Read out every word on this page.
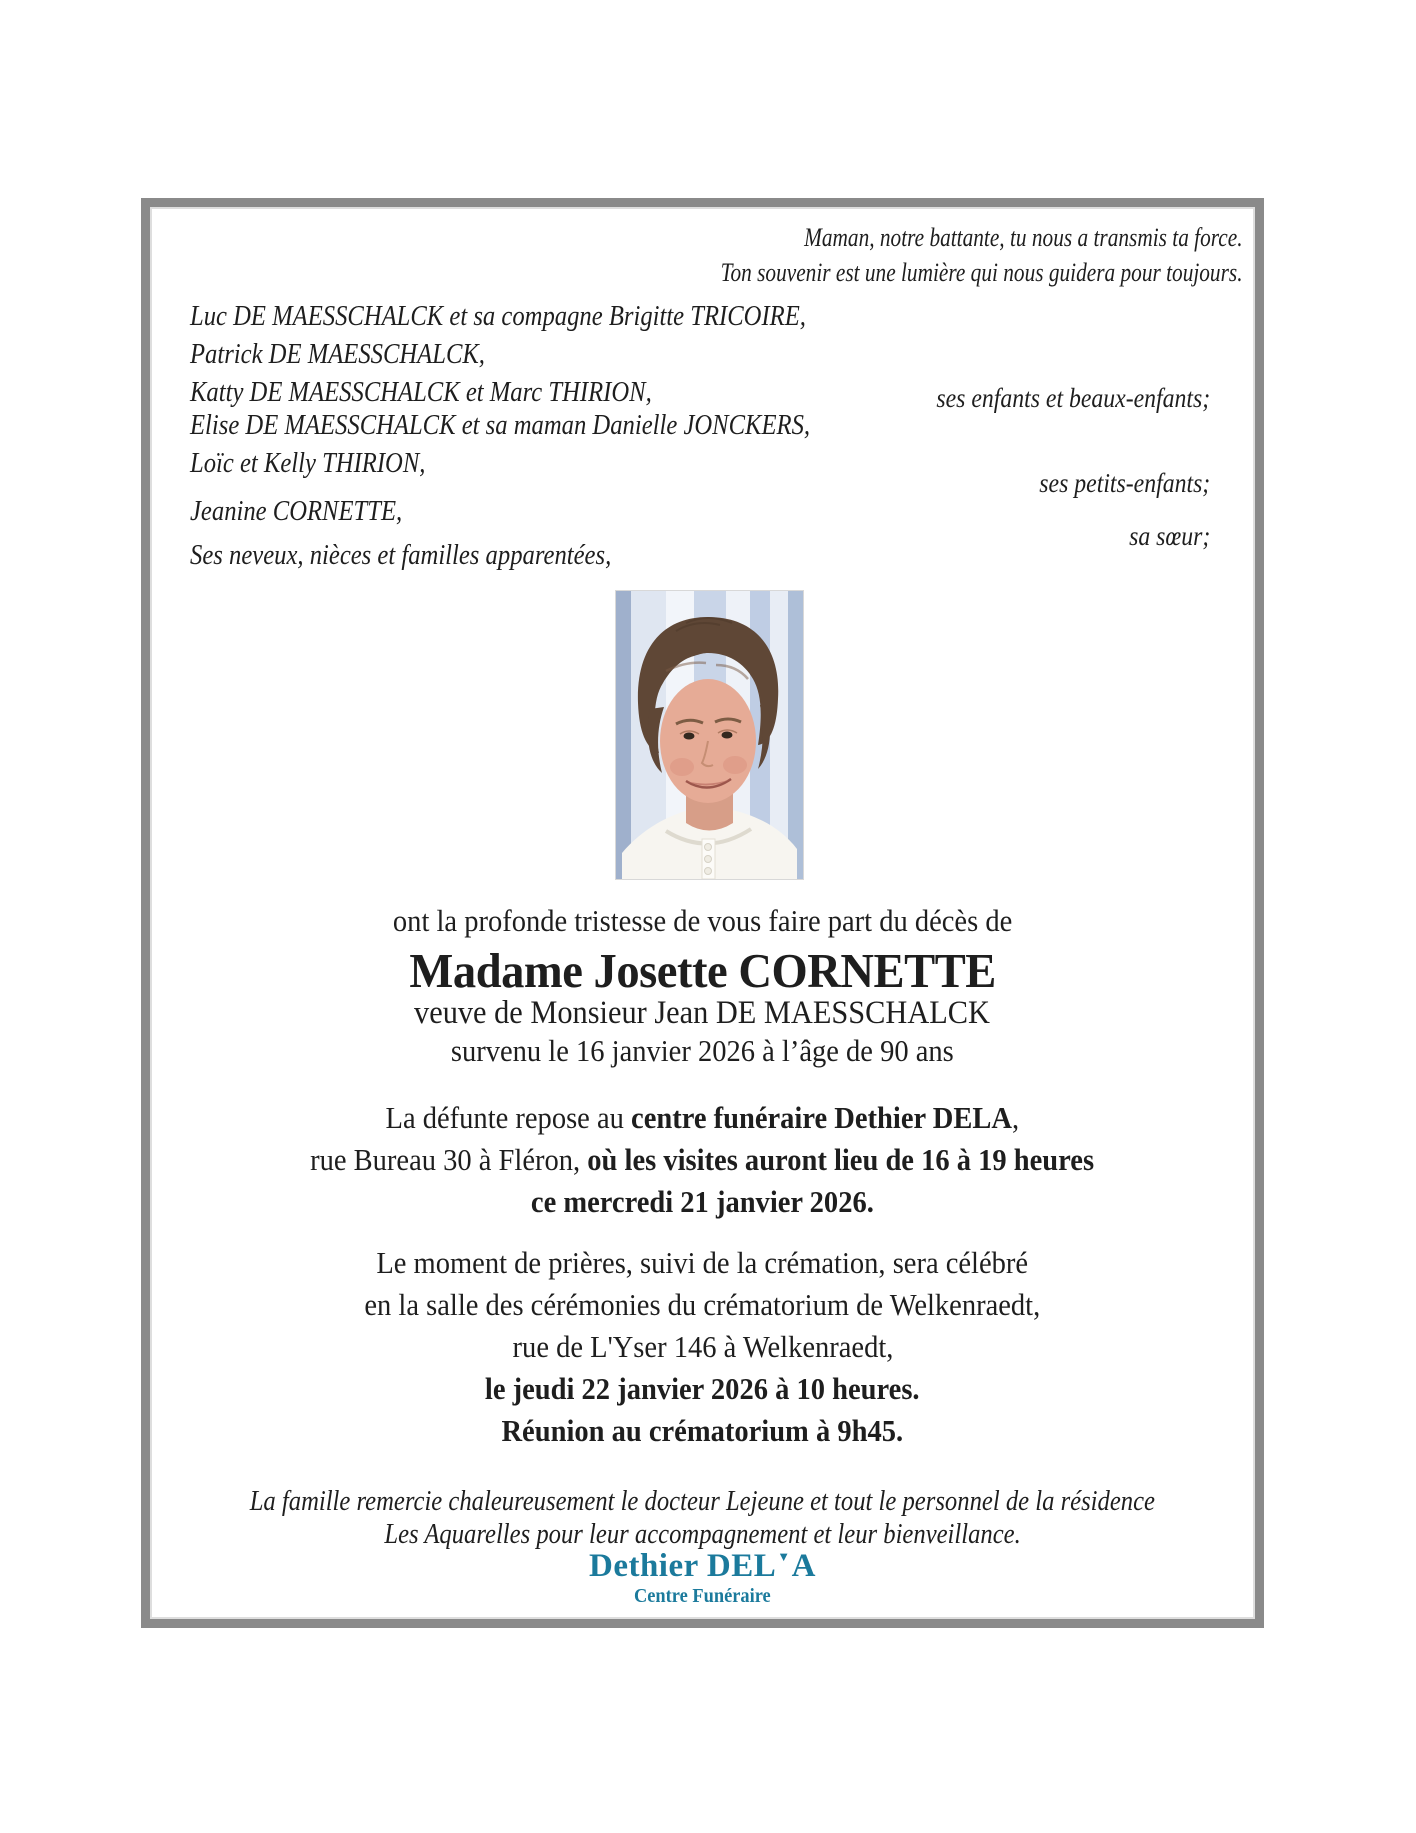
Maman, notre battante, tu nous a transmis ta force.
Ton souvenir est une lumière qui nous guidera pour toujours.
Luc DE MAESSCHALCK et sa compagne Brigitte TRICOIRE,
Patrick DE MAESSCHALCK,
Katty DE MAESSCHALCK et Marc THIRION,	ses enfants et beaux-enfants;
Elise DE MAESSCHALCK et sa maman Danielle JONCKERS,
Loïc et Kelly THIRION,
ses petits-enfants;
Jeanine CORNETTE,
sa sœur;
Ses neveux, nièces et familles apparentées,
ont la profonde tristesse de vous faire part du décès de
Madame Josette CORNETTE
veuve de Monsieur Jean DE MAESSCHALCK
survenu le 16 janvier 2026 à l’âge de 90 ans
La défunte repose au centre funéraire Dethier DELA,
rue Bureau 30 à Fléron, où les visites auront lieu de 16 à 19 heures
ce mercredi 21 janvier 2026.
Le moment de prières, suivi de la crémation, sera célébré
en la salle des cérémonies du crématorium de Welkenraedt,
rue de L'Yser 146 à Welkenraedt,
le jeudi 22 janvier 2026 à 10 heures.
Réunion au crématorium à 9h45.
La famille remercie chaleureusement le docteur Lejeune et tout le personnel de la résidence
Les Aquarelles pour leur accompagnement et leur bienveillance.
Dethier DEL▼A
Centre Funéraire
